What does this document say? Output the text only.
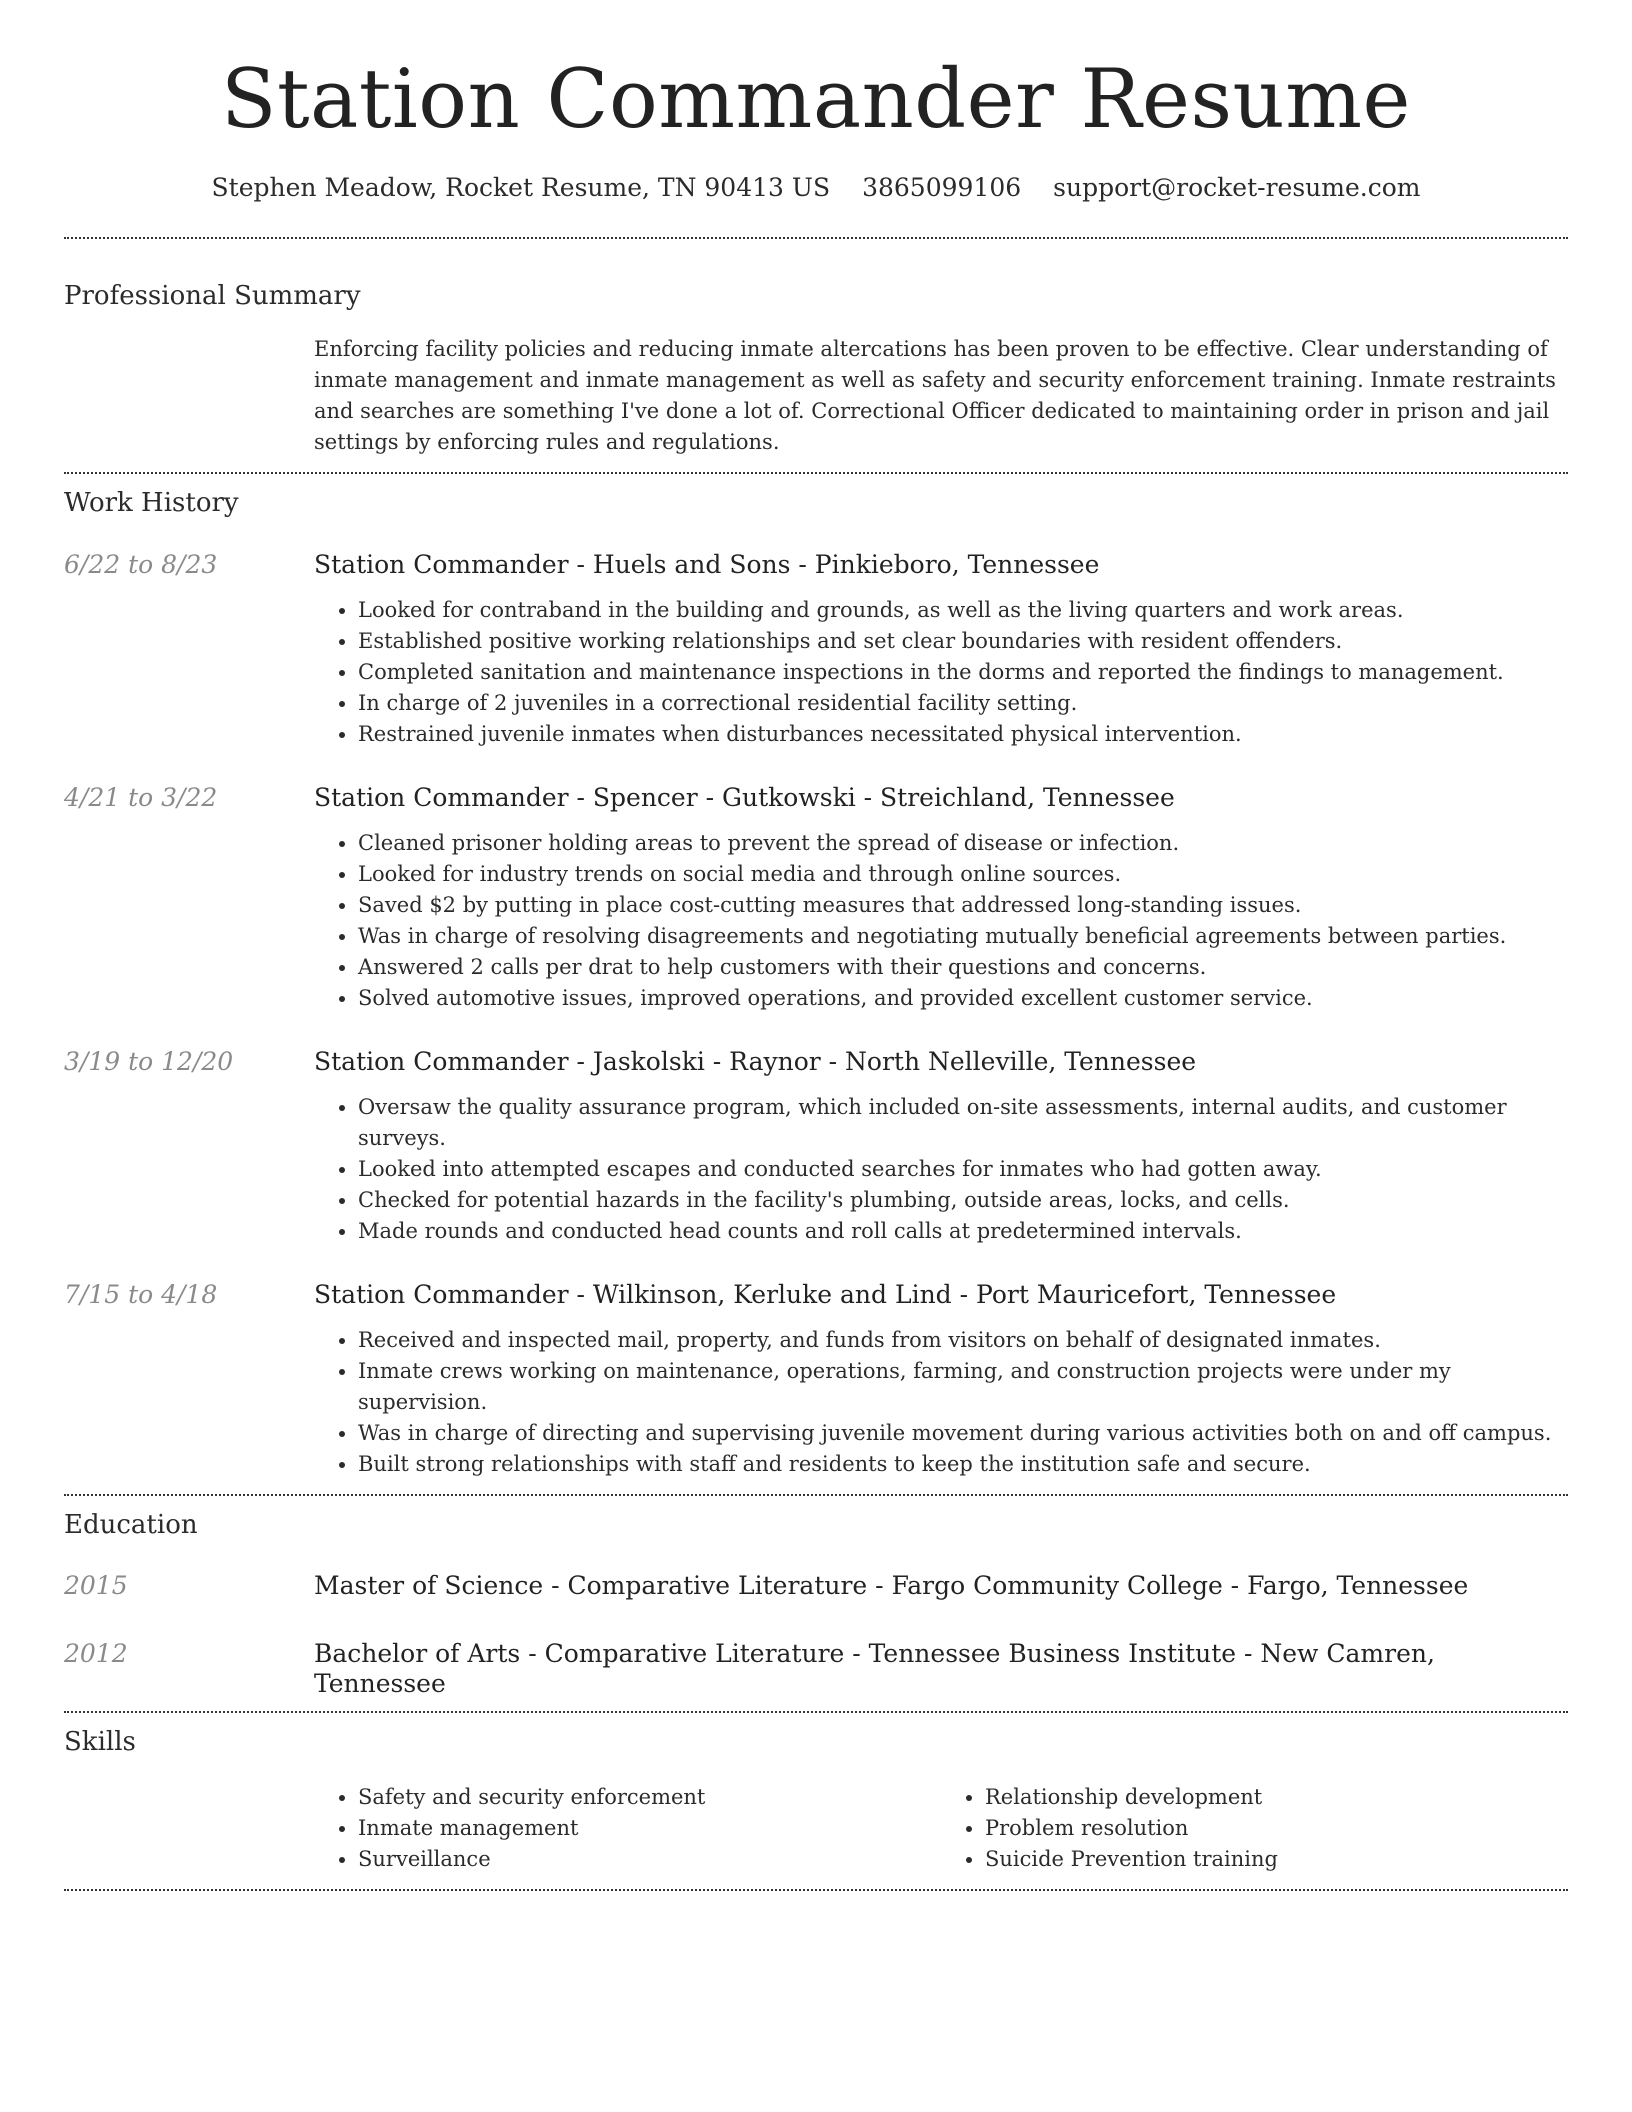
Station Commander Resume
Stephen Meadow, Rocket Resume, TN 90413 US 3865099106 support@rocket-resume.com
Professional Summary
Enforcing facility policies and reducing inmate altercations has been proven to be effective. Clear understanding of inmate management and inmate management as well as safety and security enforcement training. Inmate restraints and searches are something I've done a lot of. Correctional Officer dedicated to maintaining order in prison and jail settings by enforcing rules and regulations.
Work History
6/22 to 8/23	Station Commander - Huels and Sons - Pinkieboro, Tennessee
• Looked for contraband in the building and grounds, as well as the living quarters and work areas.
• Established positive working relationships and set clear boundaries with resident offenders.
• Completed sanitation and maintenance inspections in the dorms and reported the findings to management.
• In charge of 2 juveniles in a correctional residential facility setting.
• Restrained juvenile inmates when disturbances necessitated physical intervention.
4/21 to 3/22	Station Commander - Spencer - Gutkowski - Streichland, Tennessee
• Cleaned prisoner holding areas to prevent the spread of disease or infection.
• Looked for industry trends on social media and through online sources.
• Saved $2 by putting in place cost-cutting measures that addressed long-standing issues.
• Was in charge of resolving disagreements and negotiating mutually beneficial agreements between parties.
• Answered 2 calls per drat to help customers with their questions and concerns.
• Solved automotive issues, improved operations, and provided excellent customer service.
3/19 to 12/20	Station Commander - Jaskolski - Raynor - North Nelleville, Tennessee
• Oversaw the quality assurance program, which included on-site assessments, internal audits, and customer surveys.
• Looked into attempted escapes and conducted searches for inmates who had gotten away.
• Checked for potential hazards in the facility's plumbing, outside areas, locks, and cells.
• Made rounds and conducted head counts and roll calls at predetermined intervals.
7/15 to 4/18	Station Commander - Wilkinson, Kerluke and Lind - Port Mauricefort, Tennessee
• Received and inspected mail, property, and funds from visitors on behalf of designated inmates.
• Inmate crews working on maintenance, operations, farming, and construction projects were under my supervision.
• Was in charge of directing and supervising juvenile movement during various activities both on and off campus.
• Built strong relationships with staff and residents to keep the institution safe and secure.
Education
2015	Master of Science - Comparative Literature - Fargo Community College - Fargo, Tennessee
2012	Bachelor of Arts - Comparative Literature - Tennessee Business Institute - New Camren, Tennessee
Skills
• Safety and security enforcement
• Inmate management
• Surveillance
• Relationship development
• Problem resolution
• Suicide Prevention training
